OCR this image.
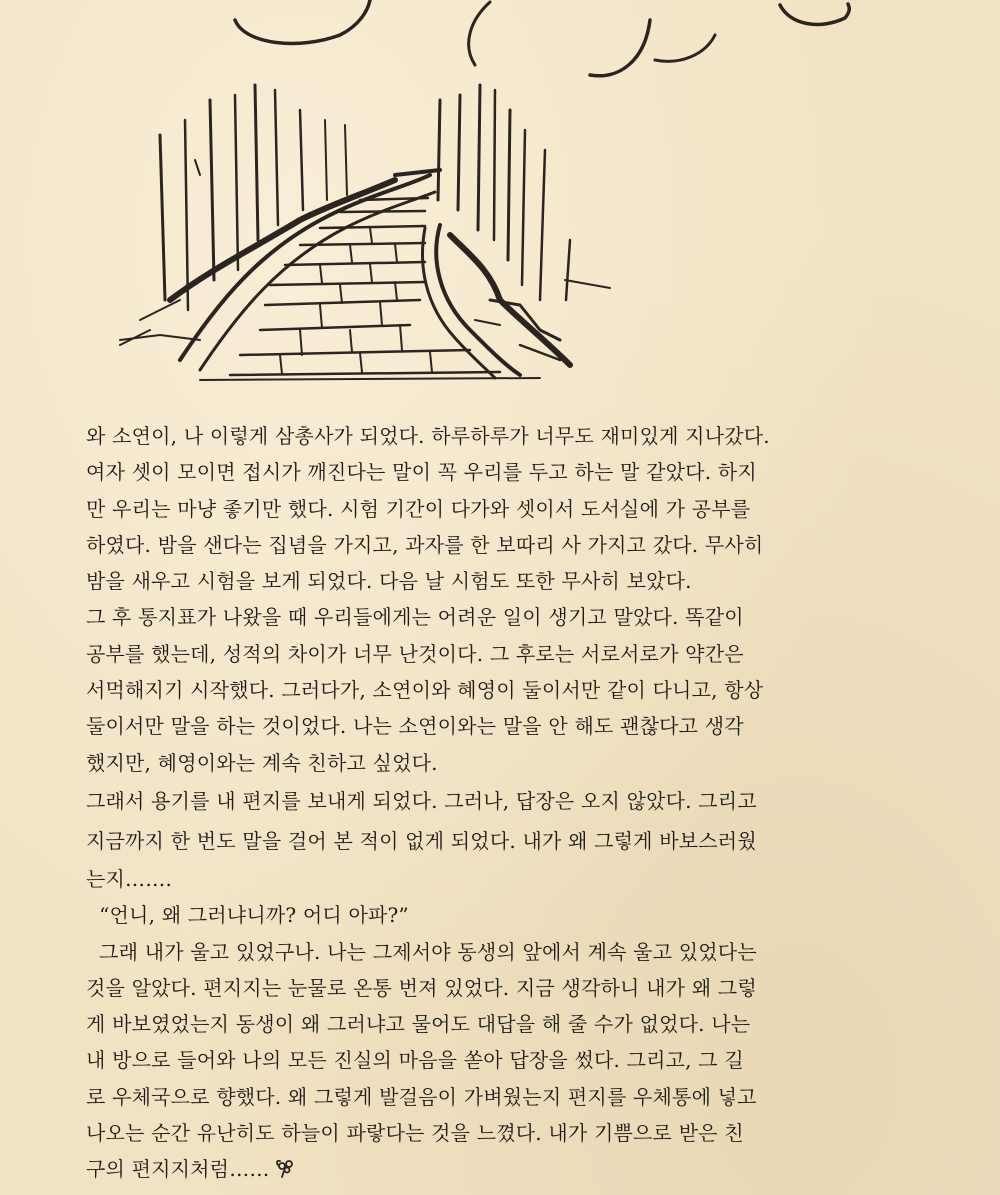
와 소연이, 나 이렇게 삼총사가 되었다. 하루하루가 너무도 재미있게 지나갔다.
여자 셋이 모이면 접시가 깨진다는 말이 꼭 우리를 두고 하는 말 같았다. 하지
만 우리는 마냥 좋기만 했다. 시험 기간이 다가와 셋이서 도서실에 가 공부를
하였다. 밤을 샌다는 집념을 가지고, 과자를 한 보따리 사 가지고 갔다. 무사히
밤을 새우고 시험을 보게 되었다. 다음 날 시험도 또한 무사히 보았다.
그 후 통지표가 나왔을 때 우리들에게는 어려운 일이 생기고 말았다. 똑같이
공부를 했는데, 성적의 차이가 너무 난것이다. 그 후로는 서로서로가 약간은
서먹해지기 시작했다. 그러다가, 소연이와 혜영이 둘이서만 같이 다니고, 항상
둘이서만 말을 하는 것이었다. 나는 소연이와는 말을 안 해도 괜찮다고 생각
했지만, 혜영이와는 계속 친하고 싶었다.
그래서 용기를 내 편지를 보내게 되었다. 그러나, 답장은 오지 않았다. 그리고
지금까지 한 번도 말을 걸어 본 적이 없게 되었다. 내가 왜 그렇게 바보스러웠
는지…….
“언니, 왜 그러냐니까? 어디 아파?”
그래 내가 울고 있었구나. 나는 그제서야 동생의 앞에서 계속 울고 있었다는
것을 알았다. 편지지는 눈물로 온통 번져 있었다. 지금 생각하니 내가 왜 그렇
게 바보였었는지 동생이 왜 그러냐고 물어도 대답을 해 줄 수가 없었다. 나는
내 방으로 들어와 나의 모든 진실의 마음을 쏟아 답장을 썼다. 그리고, 그 길
로 우체국으로 향했다. 왜 그렇게 발걸음이 가벼웠는지 편지를 우체통에 넣고
나오는 순간 유난히도 하늘이 파랗다는 것을 느꼈다. 내가 기쁨으로 받은 친
구의 편지지처럼……
